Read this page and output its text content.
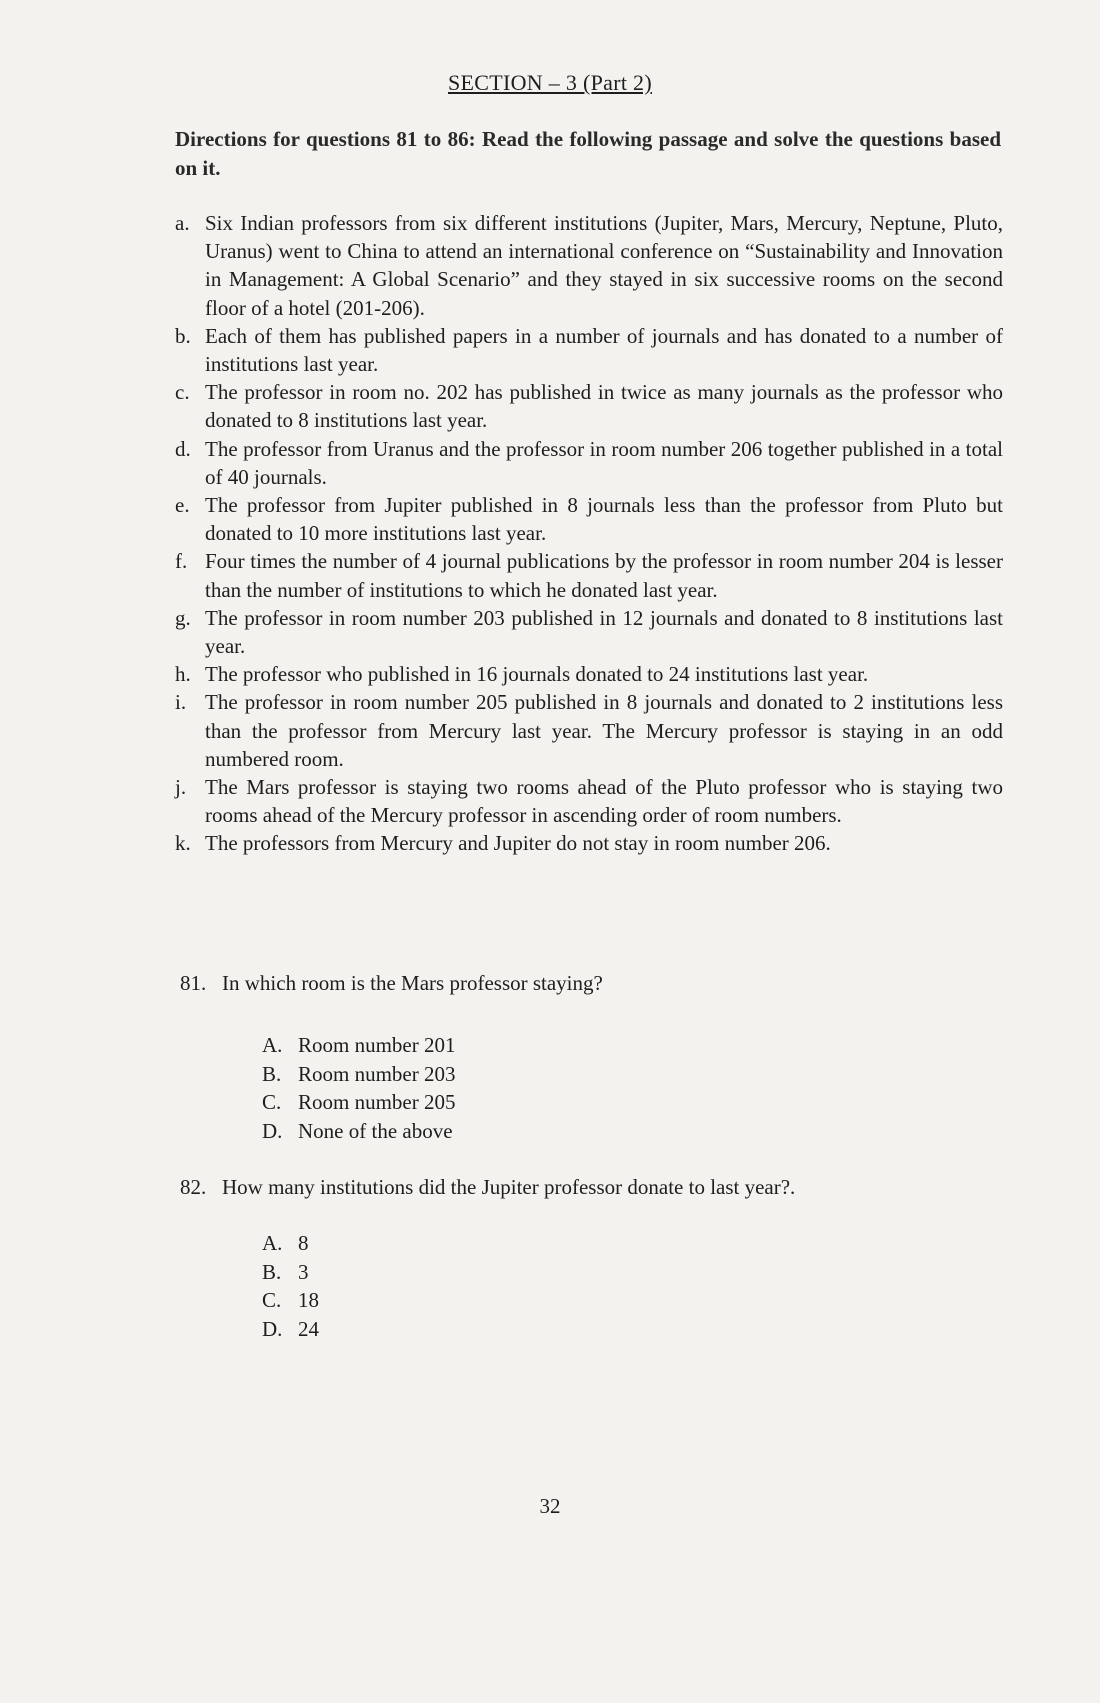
SECTION – 3 (Part 2)
Directions for questions 81 to 86: Read the following passage and solve the questions based on it.
a. Six Indian professors from six different institutions (Jupiter, Mars, Mercury, Neptune, Pluto, Uranus) went to China to attend an international conference on “Sustainability and Innovation in Management: A Global Scenario” and they stayed in six successive rooms on the second floor of a hotel (201-206).
b. Each of them has published papers in a number of journals and has donated to a number of institutions last year.
c. The professor in room no. 202 has published in twice as many journals as the professor who donated to 8 institutions last year.
d. The professor from Uranus and the professor in room number 206 together published in a total of 40 journals.
e. The professor from Jupiter published in 8 journals less than the professor from Pluto but donated to 10 more institutions last year.
f. Four times the number of 4 journal publications by the professor in room number 204 is lesser than the number of institutions to which he donated last year.
g. The professor in room number 203 published in 12 journals and donated to 8 institutions last year.
h. The professor who published in 16 journals donated to 24 institutions last year.
i. The professor in room number 205 published in 8 journals and donated to 2 institutions less than the professor from Mercury last year. The Mercury professor is staying in an odd numbered room.
j. The Mars professor is staying two rooms ahead of the Pluto professor who is staying two rooms ahead of the Mercury professor in ascending order of room numbers.
k. The professors from Mercury and Jupiter do not stay in room number 206.
81. In which room is the Mars professor staying?
A. Room number 201
B. Room number 203
C. Room number 205
D. None of the above
82. How many institutions did the Jupiter professor donate to last year?.
A. 8
B. 3
C. 18
D. 24
32
